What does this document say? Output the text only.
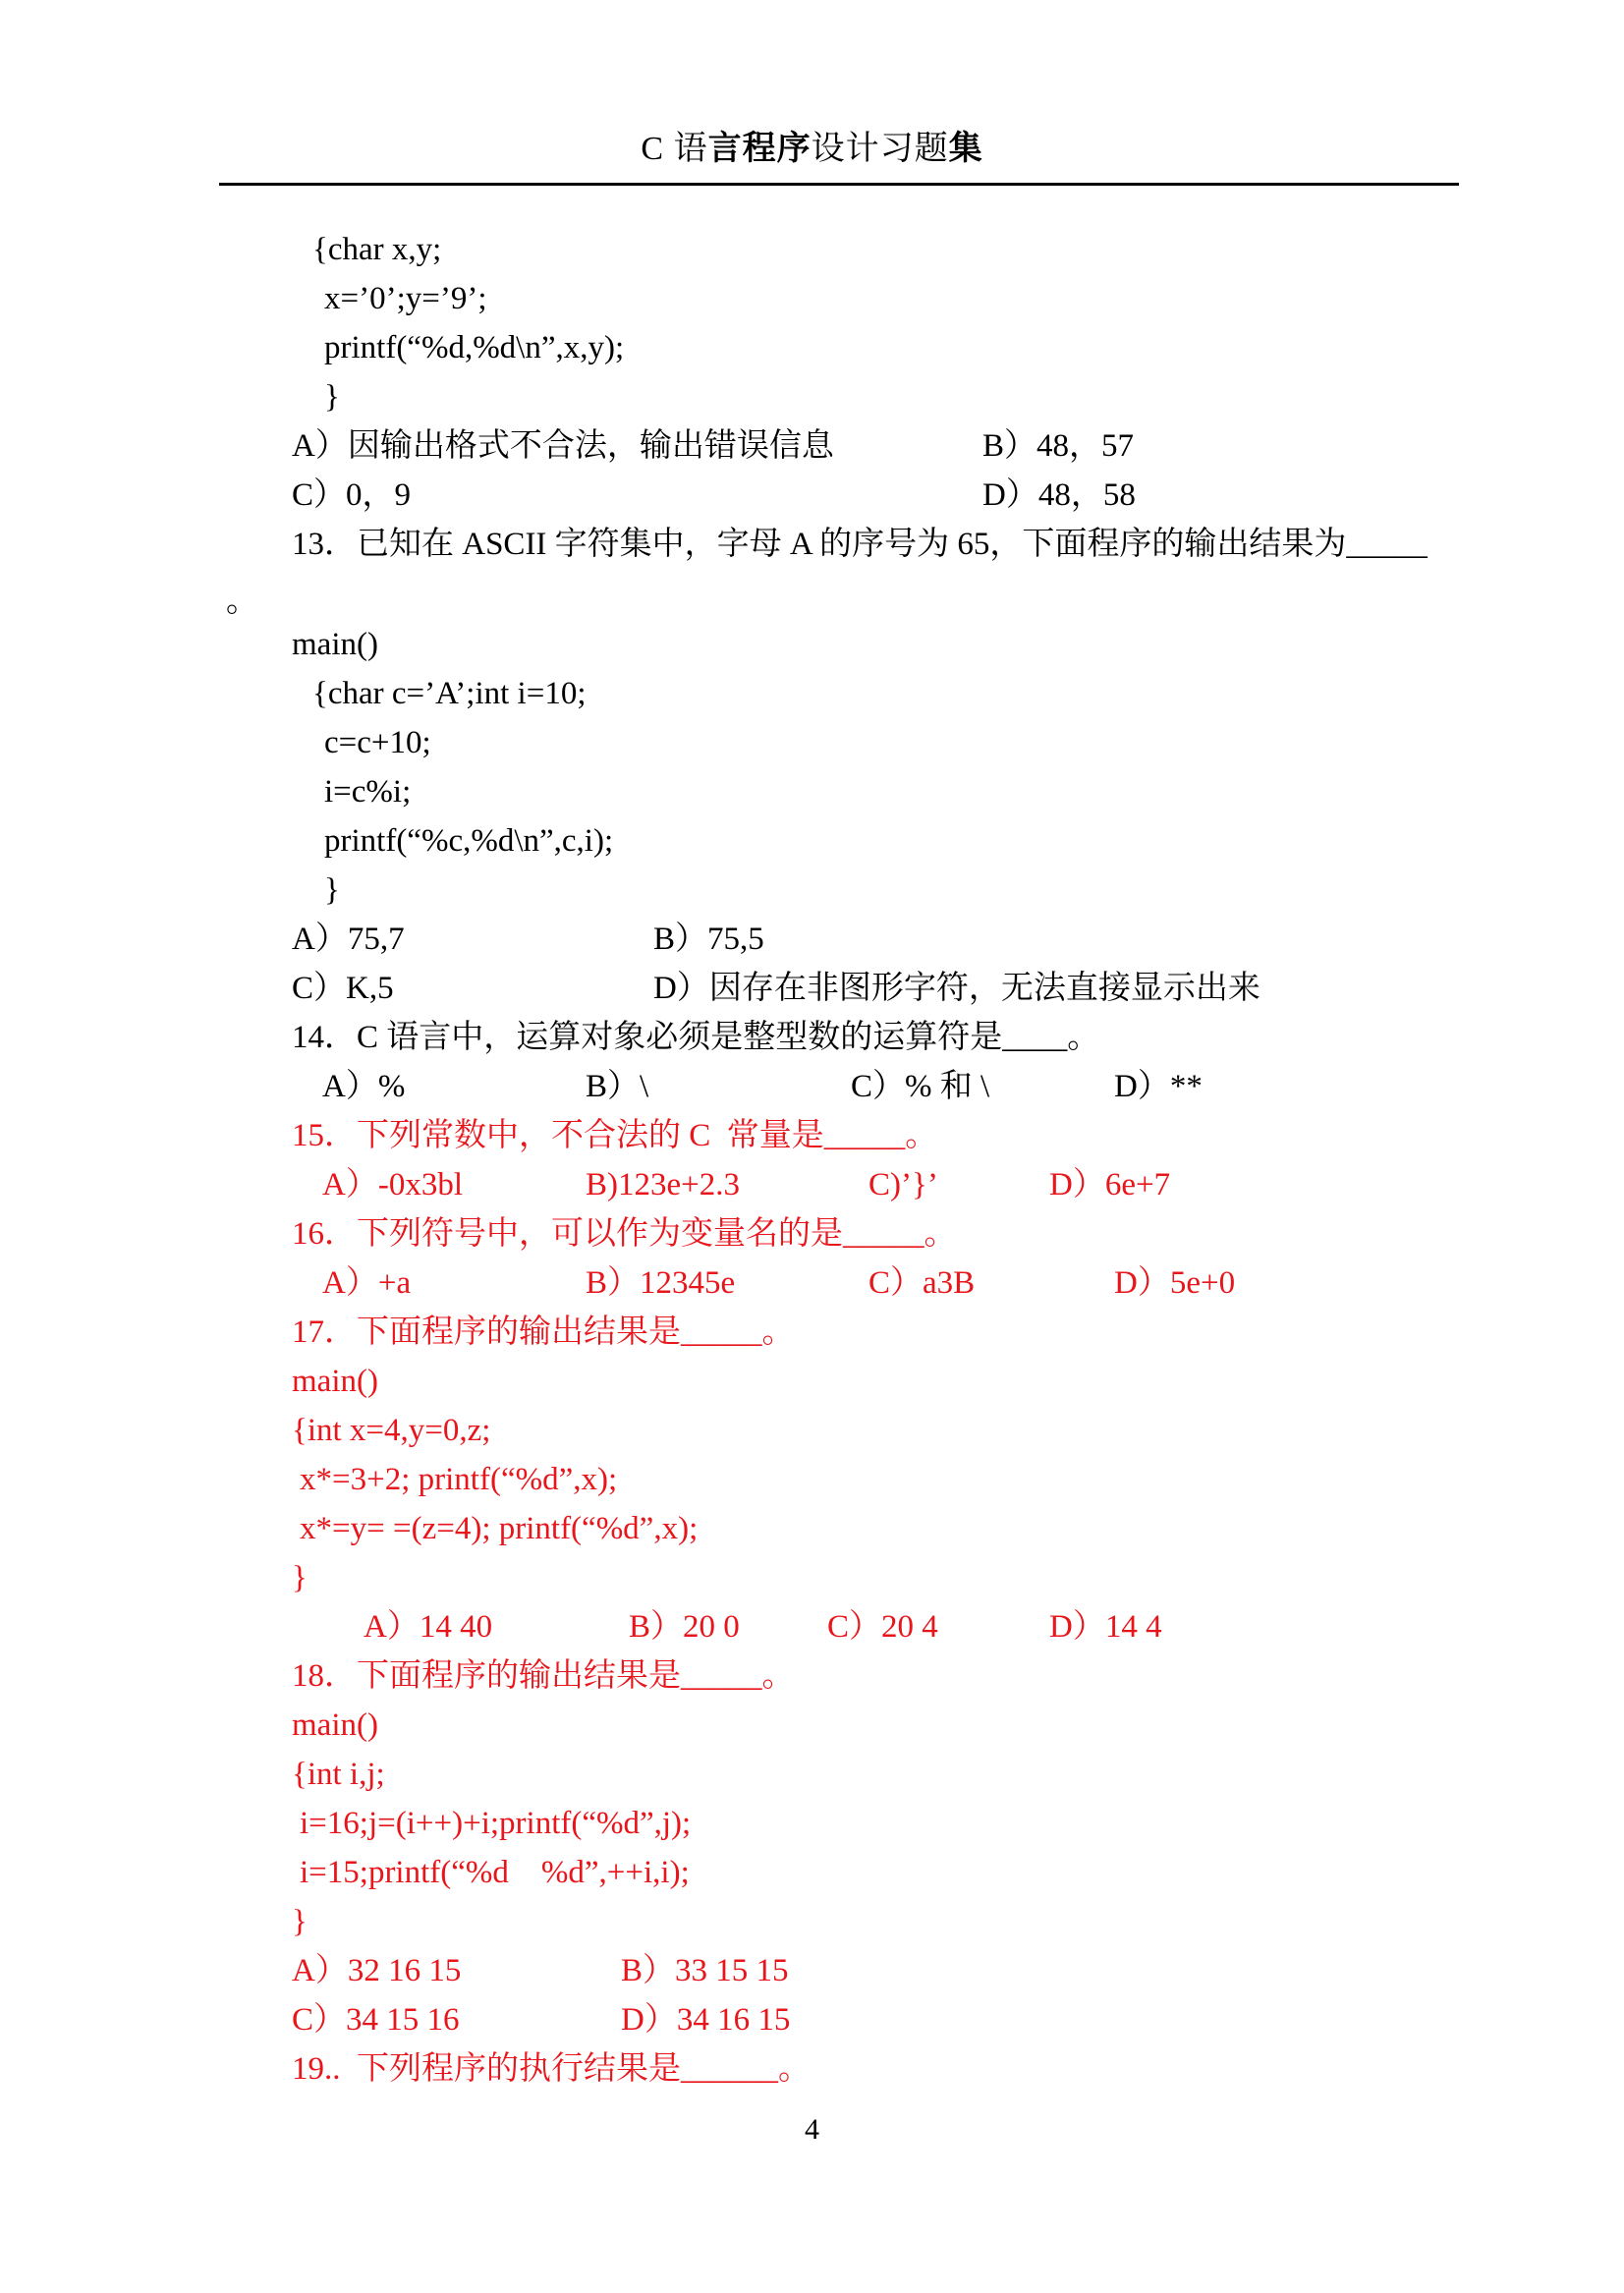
C 语言程序设计习题集
{char x,y;
x=’0’;y=’9’;
printf(“%d,%d\n”,x,y);
}
A）因输出格式不合法，输出错误信息	B）48，57
C）0，9	D）48，58
13．已知在 ASCII 字符集中，字母 A 的序号为 65，下面程序的输出结果为_____
。
main()
{char c=’A’;int i=10;
c=c+10;
i=c%i;
printf(“%c,%d\n”,c,i);
}
A）75,7	B）75,5
C）K,5	D）因存在非图形字符，无法直接显示出来
14．C 语言中，运算对象必须是整型数的运算符是____。
A）%	B）\	C）% 和 \	D）**
15．下列常数中，不合法的 C  常量是_____。
A）-0x3bl	B)123e+2.3	C)’}’	D）6e+7
16．下列符号中，可以作为变量名的是_____。
A）+a	B）12345e	C）a3B	D）5e+0
17．下面程序的输出结果是_____。
main()
{int x=4,y=0,z;
x*=3+2; printf(“%d”,x);
x*=y= =(z=4); printf(“%d”,x);
}
A）14 40	B）20 0	C）20 4	D）14 4
18．下面程序的输出结果是_____。
main()
{int i,j;
i=16;j=(i++)+i;printf(“%d”,j);
i=15;printf(“%d    %d”,++i,i);
}
A）32 16 15	B）33 15 15
C）34 15 16	D）34 16 15
19..  下列程序的执行结果是______。
4
